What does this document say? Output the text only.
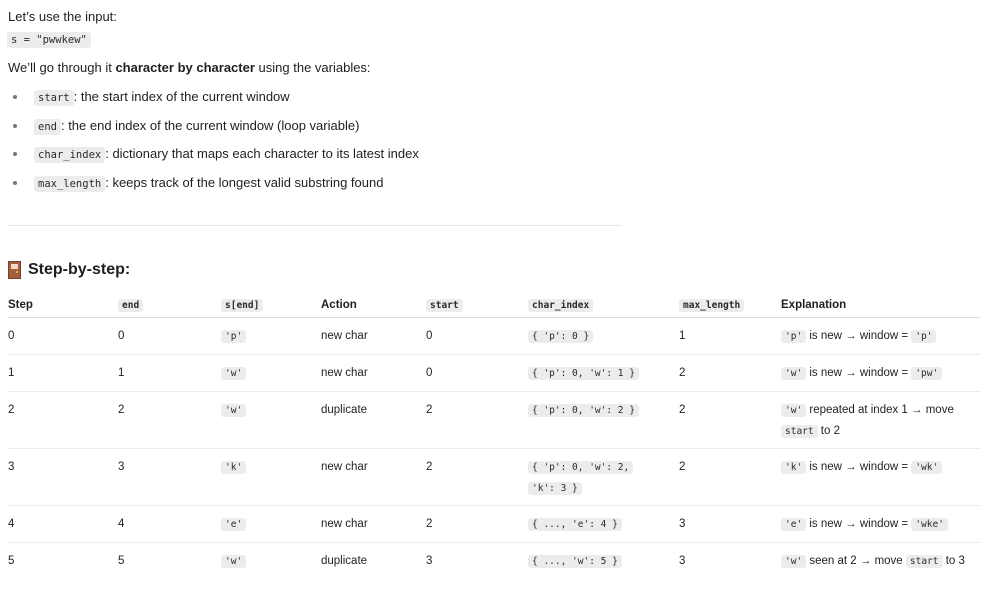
Let’s use the input:
s = "pwwkew"
We’ll go through it character by character using the variables:
start : the start index of the current window
end : the end index of the current window (loop variable)
char_index : dictionary that maps each character to its latest index
max_length : keeps track of the longest valid substring found
Step-by-step:
Step	end	s[end]	Action	start	char_index	max_length	Explanation
0	0	'p'	new char	0	{ 'p': 0 }	1	'p' is new → window = 'p'
1	1	'w'	new char	0	{ 'p': 0, 'w': 1 }	2	'w' is new → window = 'pw'
2	2	'w'	duplicate	2	{ 'p': 0, 'w': 2 }	2	'w' repeated at index 1 → move
start to 2
3	3	'k'	new char	2	{ 'p': 0, 'w': 2,
'k': 3 }	2	'k' is new → window = 'wk'
4	4	'e'	new char	2	{ ..., 'e': 4 }	3	'e' is new → window = 'wke'
5	5	'w'	duplicate	3	{ ..., 'w': 5 }	3	'w' seen at 2 → move start to 3
